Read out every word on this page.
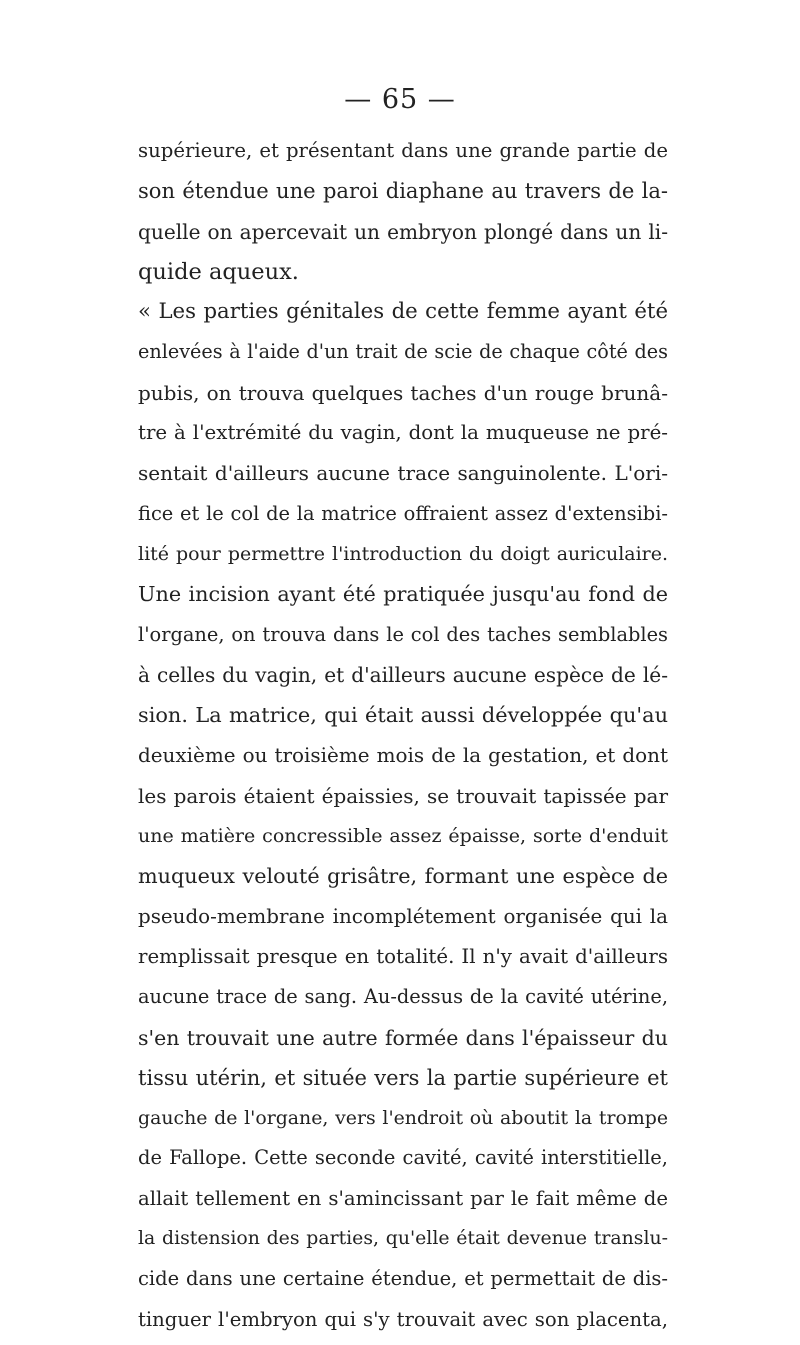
— 65 —
supérieure, et présentant dans une grande partie de
son étendue une paroi diaphane au travers de la-
quelle on apercevait un embryon plongé dans un li-
quide aqueux.
« Les parties génitales de cette femme ayant été
enlevées à l'aide d'un trait de scie de chaque côté des
pubis, on trouva quelques taches d'un rouge brunâ-
tre à l'extrémité du vagin, dont la muqueuse ne pré-
sentait d'ailleurs aucune trace sanguinolente. L'ori-
fice et le col de la matrice offraient assez d'extensibi-
lité pour permettre l'introduction du doigt auriculaire.
Une incision ayant été pratiquée jusqu'au fond de
l'organe, on trouva dans le col des taches semblables
à celles du vagin, et d'ailleurs aucune espèce de lé-
sion. La matrice, qui était aussi développée qu'au
deuxième ou troisième mois de la gestation, et dont
les parois étaient épaissies, se trouvait tapissée par
une matière concressible assez épaisse, sorte d'enduit
muqueux velouté grisâtre, formant une espèce de
pseudo-membrane incomplétement organisée qui la
remplissait presque en totalité. Il n'y avait d'ailleurs
aucune trace de sang. Au-dessus de la cavité utérine,
s'en trouvait une autre formée dans l'épaisseur du
tissu utérin, et située vers la partie supérieure et
gauche de l'organe, vers l'endroit où aboutit la trompe
de Fallope. Cette seconde cavité, cavité interstitielle,
allait tellement en s'amincissant par le fait même de
la distension des parties, qu'elle était devenue translu-
cide dans une certaine étendue, et permettait de dis-
tinguer l'embryon qui s'y trouvait avec son placenta,
